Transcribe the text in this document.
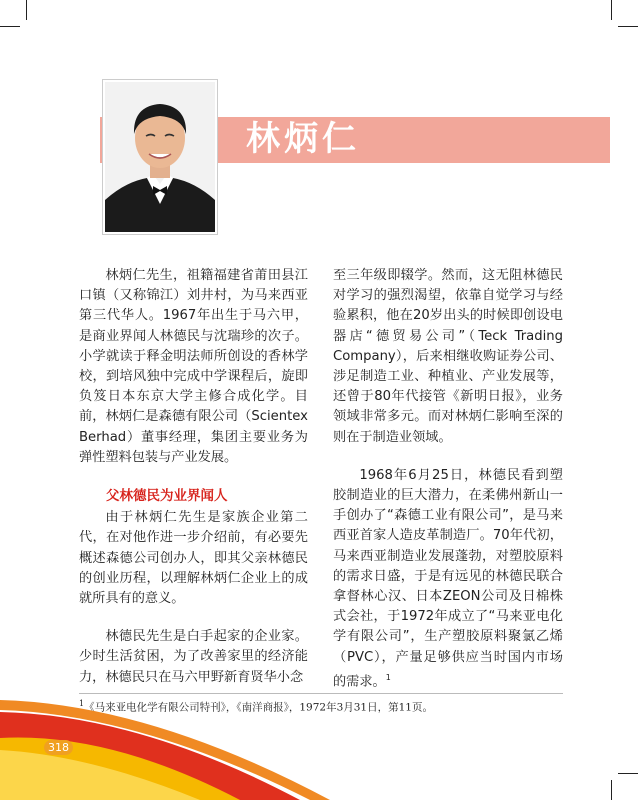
林炳仁

林炳仁先生，祖籍福建省莆田县江口镇（又称锦江）刘井村，为马来西亚第三代华人。1967年出生于马六甲，是商业界闻人林德民与沈瑞珍的次子。小学就读于释金明法师所创设的香林学校，到培风独中完成中学课程后，旋即负笈日本东京大学主修合成化学。目前，林炳仁是森德有限公司（Scientex Berhad）董事经理，集团主要业务为弹性塑料包装与产业发展。

父林德民为业界闻人

由于林炳仁先生是家族企业第二代，在对他作进一步介绍前，有必要先概述森德公司创办人，即其父亲林德民的创业历程，以理解林炳仁企业上的成就所具有的意义。

林德民先生是白手起家的企业家。少时生活贫困，为了改善家里的经济能力，林德民只在马六甲野新育贤华小念

至三年级即辍学。然而，这无阻林德民对学习的强烈渴望，依靠自觉学习与经验累积，他在20岁出头的时候即创设电器店“德贸易公司”（Teck Trading Company），后来相继收购证券公司、涉足制造工业、种植业、产业发展等，还曾于80年代接管《新明日报》，业务领域非常多元。而对林炳仁影响至深的则在于制造业领域。

1968年6月25日，林德民看到塑胶制造业的巨大潜力，在柔佛州新山一手创办了“森德工业有限公司”，是马来西亚首家人造皮革制造厂。70年代初，马来西亚制造业发展蓬勃，对塑胶原料的需求日盛，于是有远见的林德民联合拿督林心汉、日本ZEON公司及日棉株式会社，于1972年成立了“马来亚电化学有限公司”，生产塑胶原料聚氯乙烯（PVC），产量足够供应当时国内市场的需求。$^1$

$^1$《马来亚电化学有限公司特刊》，《南洋商报》，1972年3月31日，第11页。
318
